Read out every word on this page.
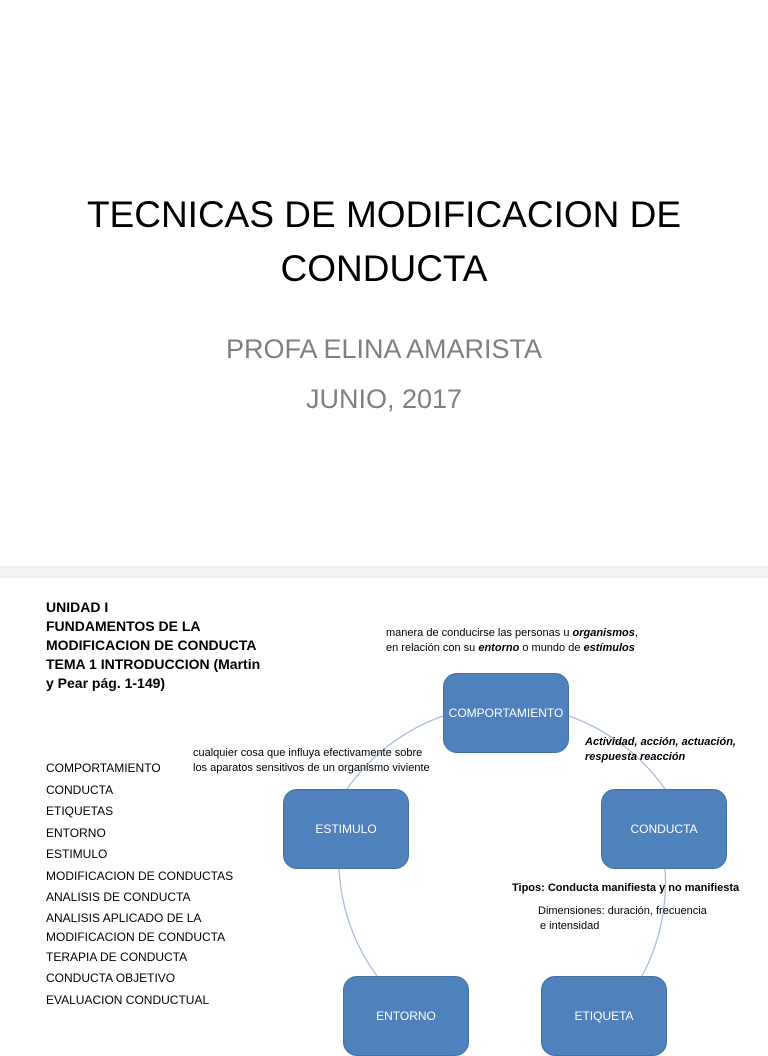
TECNICAS DE MODIFICACION DE
CONDUCTA
PROFA ELINA AMARISTA
JUNIO, 2017
UNIDAD I
FUNDAMENTOS DE LA
MODIFICACION DE CONDUCTA
TEMA 1 INTRODUCCION (Martin
y Pear pág. 1-149)
COMPORTAMIENTO
CONDUCTA
ETIQUETAS
ENTORNO
ESTIMULO
MODIFICACION DE CONDUCTAS
ANALISIS DE CONDUCTA
ANALISIS APLICADO DE LA
MODIFICACION DE CONDUCTA
TERAPIA DE CONDUCTA
CONDUCTA OBJETIVO
EVALUACION CONDUCTUAL
COMPORTAMIENTO
CONDUCTA
ESTIMULO
ENTORNO	ETIQUETA
manera de conducirse las personas u organismos,
en relación con su entorno o mundo de estímulos
cualquier cosa que influya efectivamente sobre
los aparatos sensitivos de un organismo viviente
Actividad, acción, actuación,
respuesta reacción
Tipos: Conducta manifiesta y no manifiesta
Dimensiones: duración, frecuencia
e intensidad
